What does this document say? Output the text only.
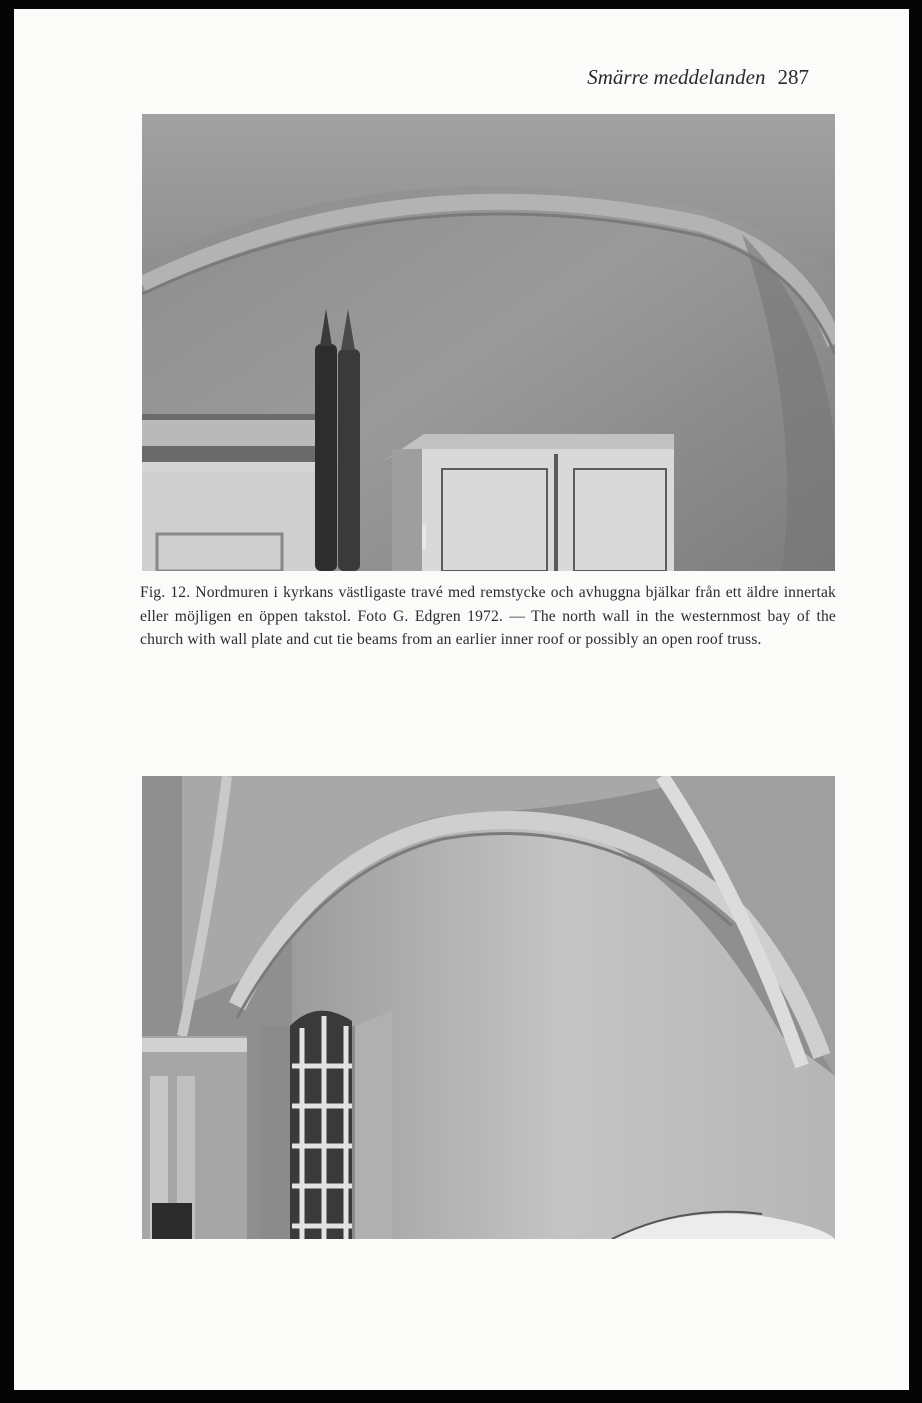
Smärre meddelanden 287
Fig. 12. Nordmuren i kyrkans västligaste travé med remstycke och avhuggna bjälkar från ett äldre innertak eller möjligen en öppen takstol. Foto G. Edgren 1972. — The north wall in the westernmost bay of the church with wall plate and cut tie beams from an earlier inner roof or possibly an open roof truss.
